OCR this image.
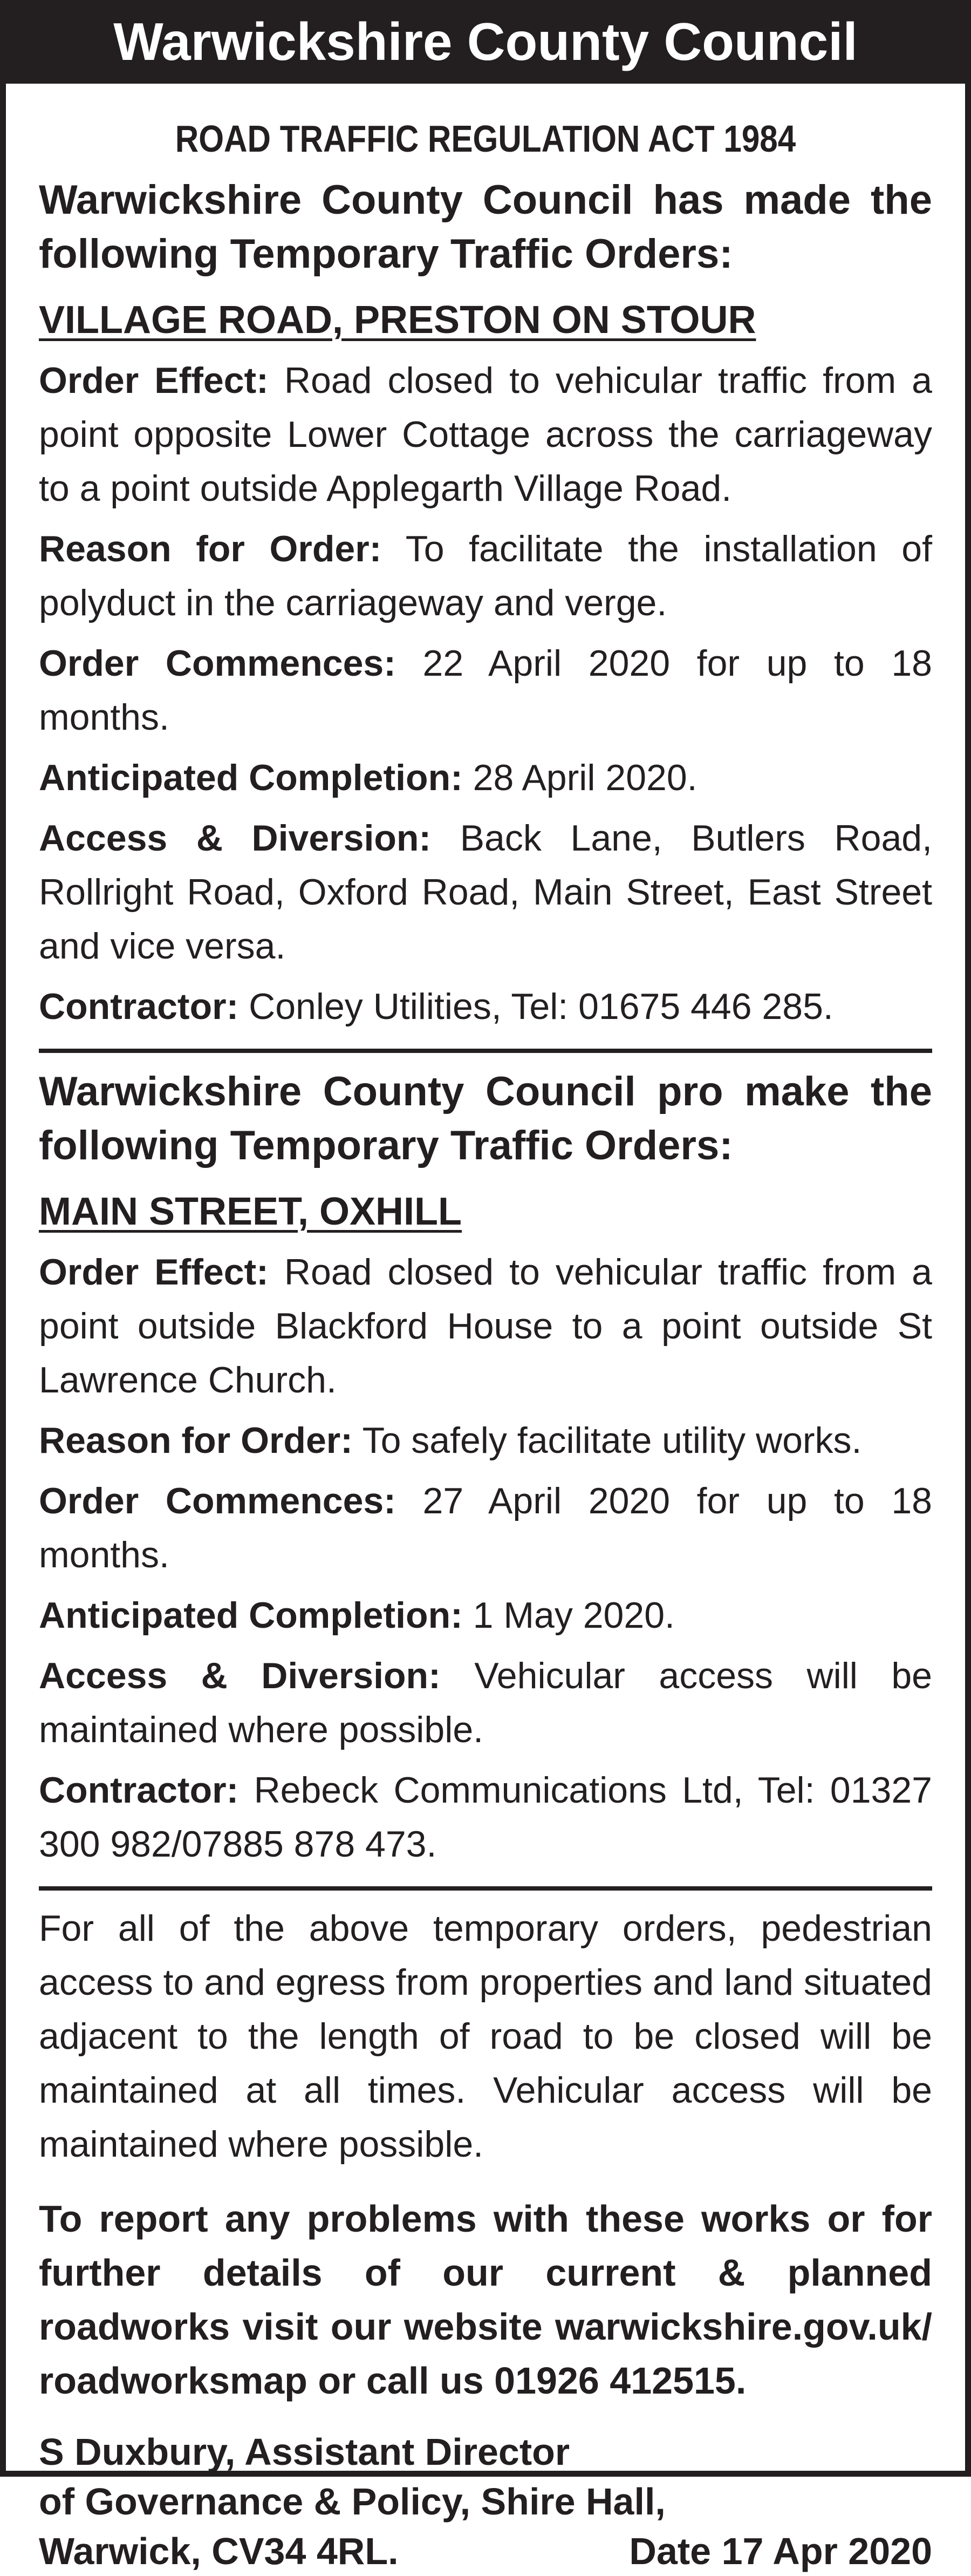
Warwickshire County Council
ROAD TRAFFIC REGULATION ACT 1984
Warwickshire County Council has made the following Temporary Traffic Orders:
VILLAGE ROAD, PRESTON ON STOUR
Order Effect: Road closed to vehicular traffic from a point opposite Lower Cottage across the carriageway to a point outside Applegarth Village Road.
Reason for Order: To facilitate the installation of polyduct in the carriageway and verge.
Order Commences: 22 April 2020 for up to 18 months.
Anticipated Completion: 28 April 2020.
Access & Diversion: Back Lane, Butlers Road, Rollright Road, Oxford Road, Main Street, East Street and vice versa.
Contractor: Conley Utilities, Tel: 01675 446 285.
Warwickshire County Council pro make the following Temporary Traffic Orders:
MAIN STREET, OXHILL
Order Effect: Road closed to vehicular traffic from a point outside Blackford House to a point outside St Lawrence Church.
Reason for Order: To safely facilitate utility works.
Order Commences: 27 April 2020 for up to 18 months.
Anticipated Completion: 1 May 2020.
Access & Diversion: Vehicular access will be maintained where possible.
Contractor: Rebeck Communications Ltd, Tel: 01327 300 982/07885 878 473.
For all of the above temporary orders, pedestrian access to and egress from properties and land situated adjacent to the length of road to be closed will be maintained at all times. Vehicular access will be maintained where possible.
To report any problems with these works or for further details of our current & planned roadworks visit our website warwickshire.gov.uk/ roadworksmap or call us 01926 412515.
S Duxbury, Assistant Director
of Governance & Policy, Shire Hall,
Warwick, CV34 4RL.	Date 17 Apr 2020
